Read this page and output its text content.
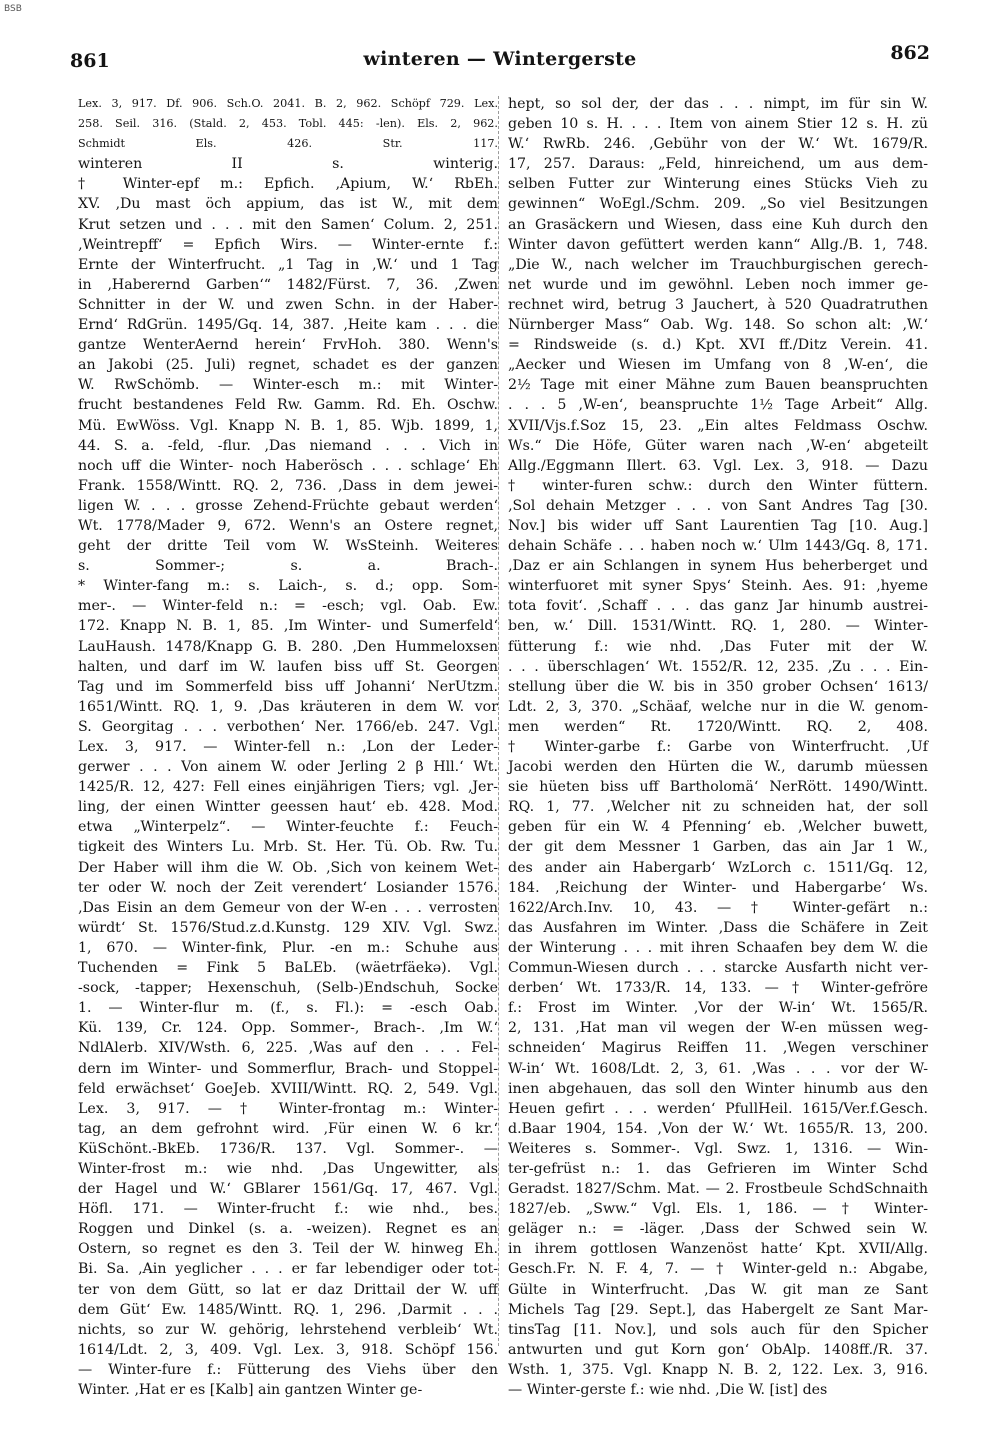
BSB
861	winteren — Wintergerste	862
Lex. 3, 917. Df. 906. Sch.O. 2041. B. 2, 962. Schöpf 729. Lex.
258. Seil. 316. (Stald. 2, 453. Tobl. 445: -len). Els. 2, 962.
Schmidt Els. 426. Str. 117.
winteren II s. winterig.
† Winter-epf m.: Epfich. ‚Apium, W.‘ RbEh.
XV. ‚Du mast öch appium, das ist W., mit dem
Krut setzen und . . . mit den Samen‘ Colum. 2, 251.
‚Weintrepff‘ = Epfich Wirs. — Winter-ernte f.:
Ernte der Winterfrucht. „1 Tag in ‚W.‘ und 1 Tag
in ‚Haberernd Garben‘“ 1482/Fürst. 7, 36. ‚Zwen
Schnitter in der W. und zwen Schn. in der Haber-
Ernd‘ RdGrün. 1495/Gq. 14, 387. ‚Heite kam . . . die
gantze WenterAernd herein‘ FrvHoh. 380. Wenn's
an Jakobi (25. Juli) regnet, schadet es der ganzen
W. RwSchömb. — Winter-esch m.: mit Winter-
frucht bestandenes Feld Rw. Gamm. Rd. Eh. Oschw.
Mü. EwWöss. Vgl. Knapp N. B. 1, 85. Wjb. 1899, 1,
44. S. a. -feld, -flur. ‚Das niemand . . . Vich in
noch uff die Winter- noch Haberösch . . . schlage‘ Eh
Frank. 1558/Wintt. RQ. 2, 736. ‚Dass in dem jewei-
ligen W. . . . grosse Zehend-Früchte gebaut werden‘
Wt. 1778/Mader 9, 672. Wenn's an Ostere regnet,
geht der dritte Teil vom W. WsSteinh. Weiteres
s. Sommer-; s. a. Brach-.
* Winter-fang m.: s. Laich-, s. d.; opp. Som-
mer-. — Winter-feld n.: = -esch; vgl. Oab. Ew.
172. Knapp N. B. 1, 85. ‚Im Winter- und Sumerfeld‘
LauHaush. 1478/Knapp G. B. 280. ‚Den Hummeloxsen
halten, und darf im W. laufen biss uff St. Georgen
Tag und im Sommerfeld biss uff Johanni‘ NerUtzm.
1651/Wintt. RQ. 1, 9. ‚Das kräuteren in dem W. vor
S. Georgitag . . . verbothen‘ Ner. 1766/eb. 247. Vgl.
Lex. 3, 917. — Winter-fell n.: ‚Lon der Leder-
gerwer . . . Von ainem W. oder Jerling 2 β Hll.‘ Wt.
1425/R. 12, 427: Fell eines einjährigen Tiers; vgl. ‚Jer-
ling, der einen Wintter geessen haut‘ eb. 428. Mod.
etwa „Winterpelz“. — Winter-feuchte f.: Feuch-
tigkeit des Winters Lu. Mrb. St. Her. Tü. Ob. Rw. Tu.
Der Haber will ihm die W. Ob. ‚Sich von keinem Wet-
ter oder W. noch der Zeit verendert‘ Losiander 1576.
‚Das Eisin an dem Gemeur von der W-en . . . verrosten
würdt‘ St. 1576/Stud.z.d.Kunstg. 129 XIV. Vgl. Swz.
1, 670. — Winter-fink, Plur. -en m.: Schuhe aus
Tuchenden = Fink 5 BaLEb. (wäetrfäekə). Vgl.
-sock, -tapper; Hexenschuh, (Selb-)Endschuh, Socke
1. — Winter-flur m. (f., s. Fl.): = -esch Oab.
Kü. 139, Cr. 124. Opp. Sommer-, Brach-. ‚Im W.‘
NdlAlerb. XIV/Wsth. 6, 225. ‚Was auf den . . . Fel-
dern im Winter- und Sommerflur, Brach- und Stoppel-
feld erwächset‘ GoeJeb. XVIII/Wintt. RQ. 2, 549. Vgl.
Lex. 3, 917. — † Winter-frontag m.: Winter-
tag, an dem gefrohnt wird. ‚Für einen W. 6 kr.‘
KüSchönt.-BkEb. 1736/R. 137. Vgl. Sommer-. —
Winter-frost m.: wie nhd. ‚Das Ungewitter, als
der Hagel und W.‘ GBlarer 1561/Gq. 17, 467. Vgl.
Höfl. 171. — Winter-frucht f.: wie nhd., bes.
Roggen und Dinkel (s. a. -weizen). Regnet es an
Ostern, so regnet es den 3. Teil der W. hinweg Eh.
Bi. Sa. ‚Ain yeglicher . . . er far lebendiger oder tot-
ter von dem Gütt, so lat er daz Drittail der W. uff
dem Güt‘ Ew. 1485/Wintt. RQ. 1, 296. ‚Darmit . . .
nichts, so zur W. gehörig, lehrstehend verbleib‘ Wt.
1614/Ldt. 2, 3, 409. Vgl. Lex. 3, 918. Schöpf 156.
— Winter-fure f.: Fütterung des Viehs über den
Winter. ‚Hat er es [Kalb] ain gantzen Winter ge-
hept, so sol der, der das . . . nimpt, im für sin W.
geben 10 s. H. . . . Item von ainem Stier 12 s. H. zü
W.‘ RwRb. 246. ‚Gebühr von der W.‘ Wt. 1679/R.
17, 257. Daraus: „Feld, hinreichend, um aus dem-
selben Futter zur Winterung eines Stücks Vieh zu
gewinnen“ WoEgl./Schm. 209. „So viel Besitzungen
an Grasäckern und Wiesen, dass eine Kuh durch den
Winter davon gefüttert werden kann“ Allg./B. 1, 748.
„Die W., nach welcher im Trauchburgischen gerech-
net wurde und im gewöhnl. Leben noch immer ge-
rechnet wird, betrug 3 Jauchert, à 520 Quadratruthen
Nürnberger Mass“ Oab. Wg. 148. So schon alt: ‚W.‘
= Rindsweide (s. d.) Kpt. XVI ff./Ditz Verein. 41.
„Aecker und Wiesen im Umfang von 8 ‚W-en‘, die
2½ Tage mit einer Mähne zum Bauen beanspruchten
. . . 5 ‚W-en‘, beanspruchte 1½ Tage Arbeit“ Allg.
XVII/Vjs.f.Soz 15, 23. „Ein altes Feldmass Oschw.
Ws.“ Die Höfe, Güter waren nach ‚W-en‘ abgeteilt
Allg./Eggmann Illert. 63. Vgl. Lex. 3, 918. — Dazu
† winter-furen schw.: durch den Winter füttern.
‚Sol dehain Metzger . . . von Sant Andres Tag [30.
Nov.] bis wider uff Sant Laurentien Tag [10. Aug.]
dehain Schäfe . . . haben noch w.‘ Ulm 1443/Gq. 8, 171.
‚Daz er ain Schlangen in synem Hus beherberget und
winterfuoret mit syner Spys‘ Steinh. Aes. 91: ‚hyeme
tota fovit‘. ‚Schaff . . . das ganz Jar hinumb austrei-
ben, w.‘ Dill. 1531/Wintt. RQ. 1, 280. — Winter-
fütterung f.: wie nhd. ‚Das Futer mit der W.
. . . überschlagen‘ Wt. 1552/R. 12, 235. ‚Zu . . . Ein-
stellung über die W. bis in 350 grober Ochsen‘ 1613/
Ldt. 2, 3, 370. „Schäaf, welche nur in die W. genom-
men werden“ Rt. 1720/Wintt. RQ. 2, 408.
† Winter-garbe f.: Garbe von Winterfrucht. ‚Uf
Jacobi werden den Hürten die W., darumb müessen
sie hüeten biss uff Bartholomä‘ NerRött. 1490/Wintt.
RQ. 1, 77. ‚Welcher nit zu schneiden hat, der soll
geben für ein W. 4 Pfenning‘ eb. ‚Welcher buwett,
der git dem Messner 1 Garben, das ain Jar 1 W.,
des ander ain Habergarb‘ WzLorch c. 1511/Gq. 12,
184. ‚Reichung der Winter- und Habergarbe‘ Ws.
1622/Arch.Inv. 10, 43. — † Winter-gefärt n.:
das Ausfahren im Winter. ‚Dass die Schäfere in Zeit
der Winterung . . . mit ihren Schaafen bey dem W. die
Commun-Wiesen durch . . . starcke Ausfarth nicht ver-
derben‘ Wt. 1733/R. 14, 133. — † Winter-gefröre
f.: Frost im Winter. ‚Vor der W-in‘ Wt. 1565/R.
2, 131. ‚Hat man vil wegen der W-en müssen weg-
schneiden‘ Magirus Reiffen 11. ‚Wegen verschiner
W-in‘ Wt. 1608/Ldt. 2, 3, 61. ‚Was . . . vor der W-
inen abgehauen, das soll den Winter hinumb aus den
Heuen gefirt . . . werden‘ PfullHeil. 1615/Ver.f.Gesch.
d.Baar 1904, 154. ‚Von der W.‘ Wt. 1655/R. 13, 200.
Weiteres s. Sommer-. Vgl. Swz. 1, 1316. — Win-
ter-gefrüst n.: 1. das Gefrieren im Winter Schd
Geradst. 1827/Schm. Mat. — 2. Frostbeule SchdSchnaith
1827/eb. „Sww.“ Vgl. Els. 1, 186. — † Winter-
geläger n.: = -läger. ‚Dass der Schwed sein W.
in ihrem gottlosen Wanzenöst hatte‘ Kpt. XVII/Allg.
Gesch.Fr. N. F. 4, 7. — † Winter-geld n.: Abgabe,
Gülte in Winterfrucht. ‚Das W. git man ze Sant
Michels Tag [29. Sept.], das Habergelt ze Sant Mar-
tinsTag [11. Nov.], und sols auch für den Spicher
antwurten und gut Korn gon‘ ObAlp. 1408ff./R. 37.
Wsth. 1, 375. Vgl. Knapp N. B. 2, 122. Lex. 3, 916.
— Winter-gerste f.: wie nhd. ‚Die W. [ist] des
